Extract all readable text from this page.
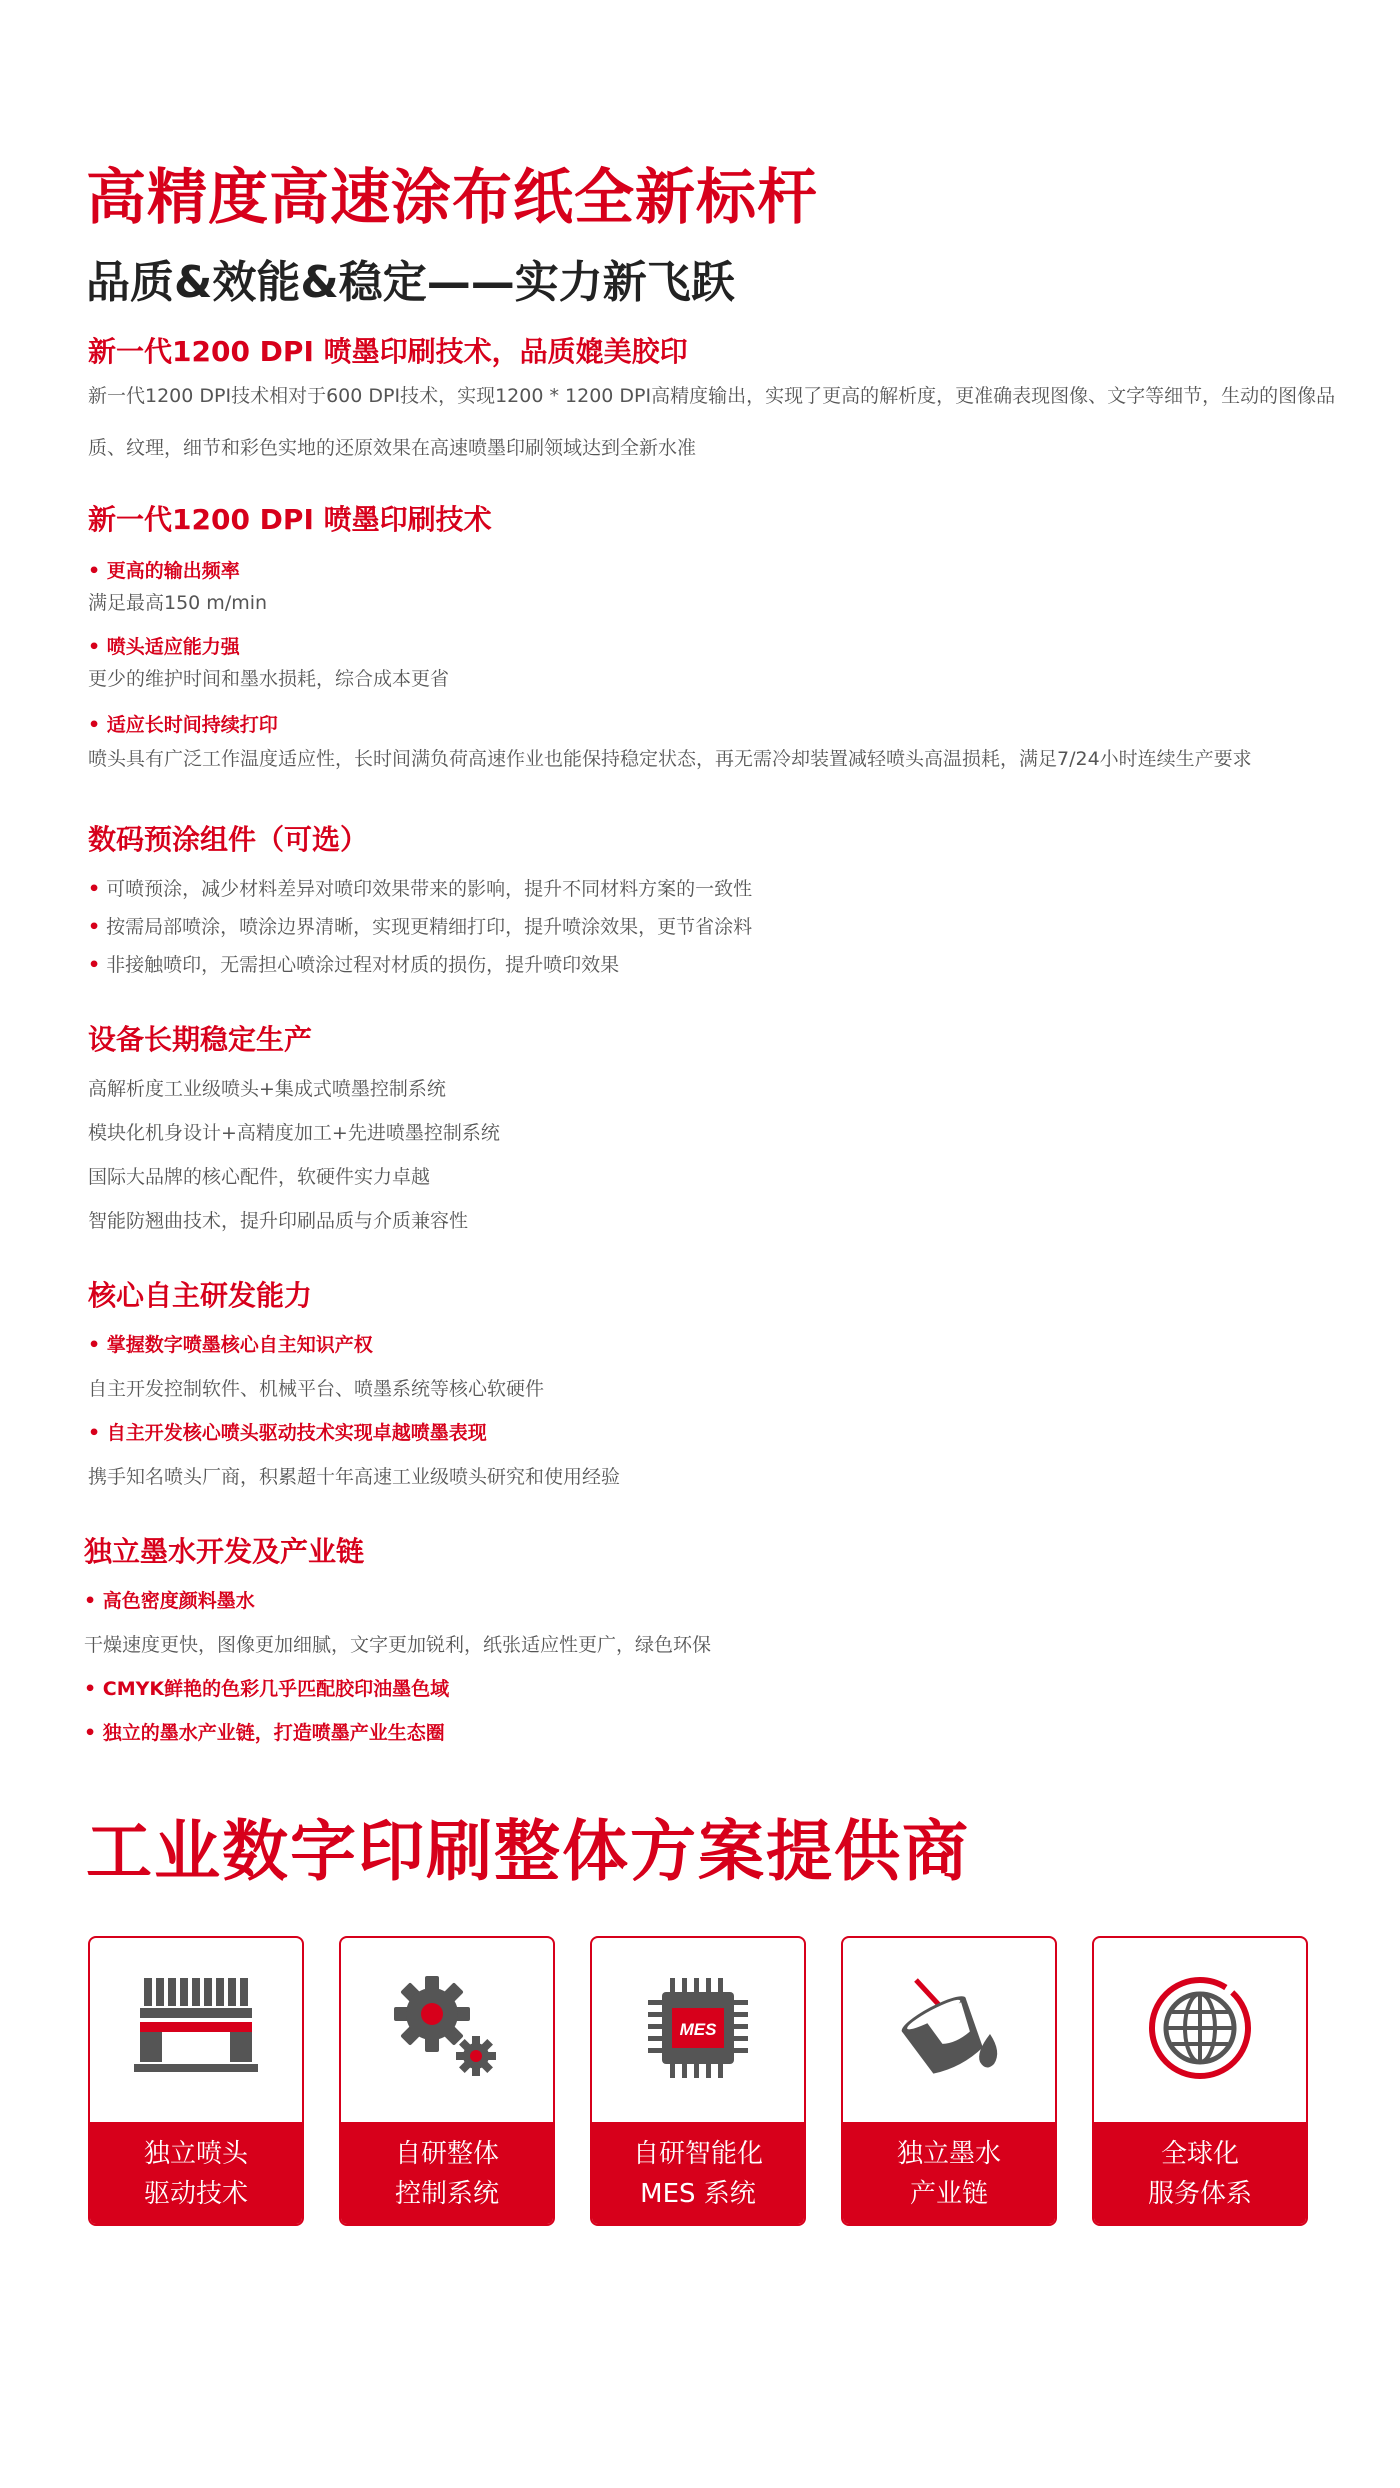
高精度高速涂布纸全新标杆
品质&效能&稳定——实力新飞跃
新一代1200 DPI 喷墨印刷技术，品质媲美胶印
新一代1200 DPI技术相对于600 DPI技术，实现1200 * 1200 DPI高精度输出，实现了更高的解析度，更准确表现图像、文字等细节，生动的图像品质、纹理，细节和彩色实地的还原效果在高速喷墨印刷领域达到全新水准
新一代1200 DPI 喷墨印刷技术
• 更高的输出频率
满足最高150 m/min
• 喷头适应能力强
更少的维护时间和墨水损耗，综合成本更省
• 适应长时间持续打印
喷头具有广泛工作温度适应性，长时间满负荷高速作业也能保持稳定状态，再无需冷却装置减轻喷头高温损耗，满足7/24小时连续生产要求
数码预涂组件（可选）
• 可喷预涂，减少材料差异对喷印效果带来的影响，提升不同材料方案的一致性
• 按需局部喷涂，喷涂边界清晰，实现更精细打印，提升喷涂效果，更节省涂料
• 非接触喷印，无需担心喷涂过程对材质的损伤，提升喷印效果
设备长期稳定生产
高解析度工业级喷头+集成式喷墨控制系统
模块化机身设计+高精度加工+先进喷墨控制系统
国际大品牌的核心配件，软硬件实力卓越
智能防翘曲技术，提升印刷品质与介质兼容性
核心自主研发能力
• 掌握数字喷墨核心自主知识产权
自主开发控制软件、机械平台、喷墨系统等核心软硬件
• 自主开发核心喷头驱动技术实现卓越喷墨表现
携手知名喷头厂商，积累超十年高速工业级喷头研究和使用经验
独立墨水开发及产业链
• 高色密度颜料墨水
干燥速度更快，图像更加细腻，文字更加锐利，纸张适应性更广，绿色环保
• CMYK鲜艳的色彩几乎匹配胶印油墨色域
• 独立的墨水产业链，打造喷墨产业生态圈
工业数字印刷整体方案提供商
独立喷头
驱动技术
自研整体
控制系统
MES
自研智能化
MES 系统
独立墨水
产业链
全球化
服务体系
